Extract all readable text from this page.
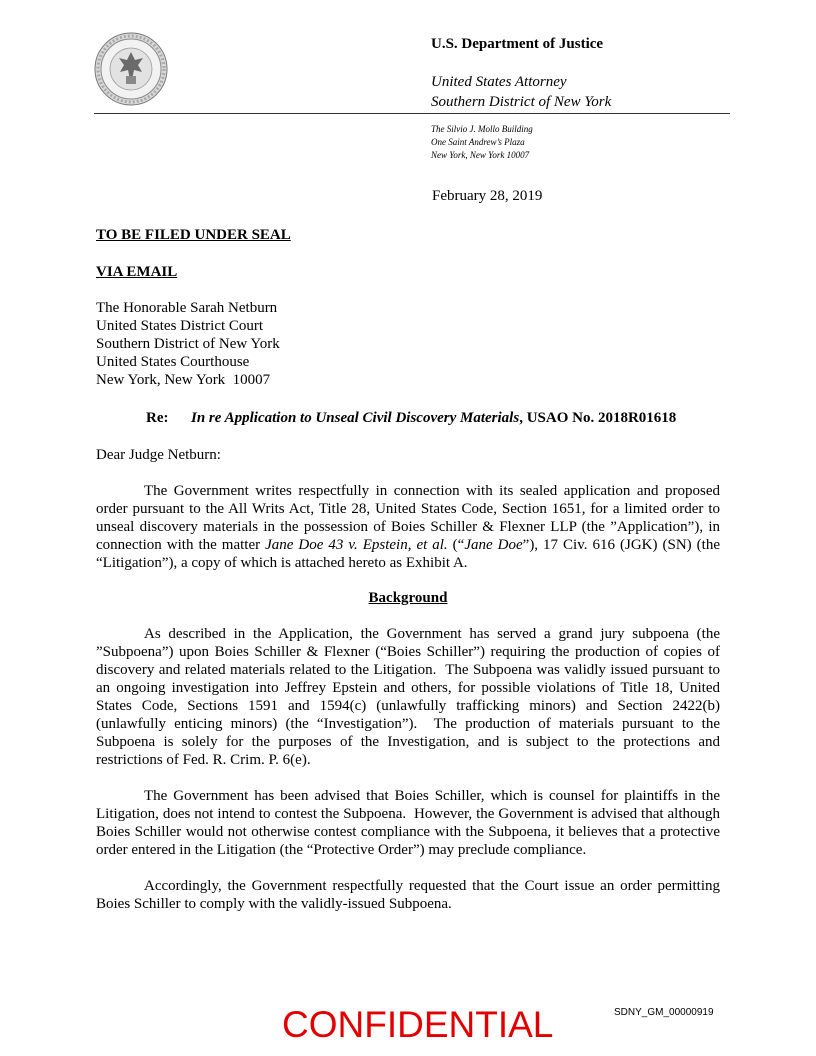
U.S. Department of Justice
United States Attorney
Southern District of New York
The Silvio J. Mollo Building
One Saint Andrew’s Plaza
New York, New York 10007
February 28, 2019
TO BE FILED UNDER SEAL
VIA EMAIL
The Honorable Sarah Netburn
United States District Court
Southern District of New York
United States Courthouse
New York, New York  10007
Re: In re Application to Unseal Civil Discovery Materials, USAO No. 2018R01618
Dear Judge Netburn:
The Government writes respectfully in connection with its sealed application and proposed order pursuant to the All Writs Act, Title 28, United States Code, Section 1651, for a limited order to unseal discovery materials in the possession of Boies Schiller & Flexner LLP (the ”Application”), in connection with the matter Jane Doe 43 v. Epstein, et al. (“Jane Doe”), 17 Civ. 616 (JGK) (SN) (the “Litigation”), a copy of which is attached hereto as Exhibit A.
Background
As described in the Application, the Government has served a grand jury subpoena (the ”Subpoena”) upon Boies Schiller & Flexner (“Boies Schiller”) requiring the production of copies of discovery and related materials related to the Litigation.  The Subpoena was validly issued pursuant to an ongoing investigation into Jeffrey Epstein and others, for possible violations of Title 18, United States Code, Sections 1591 and 1594(c) (unlawfully trafficking minors) and Section 2422(b) (unlawfully enticing minors) (the “Investigation”).  The production of materials pursuant to the Subpoena is solely for the purposes of the Investigation, and is subject to the protections and restrictions of Fed. R. Crim. P. 6(e).
The Government has been advised that Boies Schiller, which is counsel for plaintiffs in the Litigation, does not intend to contest the Subpoena.  However, the Government is advised that although Boies Schiller would not otherwise contest compliance with the Subpoena, it believes that a protective order entered in the Litigation (the “Protective Order”) may preclude compliance.
Accordingly, the Government respectfully requested that the Court issue an order permitting Boies Schiller to comply with the validly-issued Subpoena.
CONFIDENTIAL	SDNY_GM_00000919
